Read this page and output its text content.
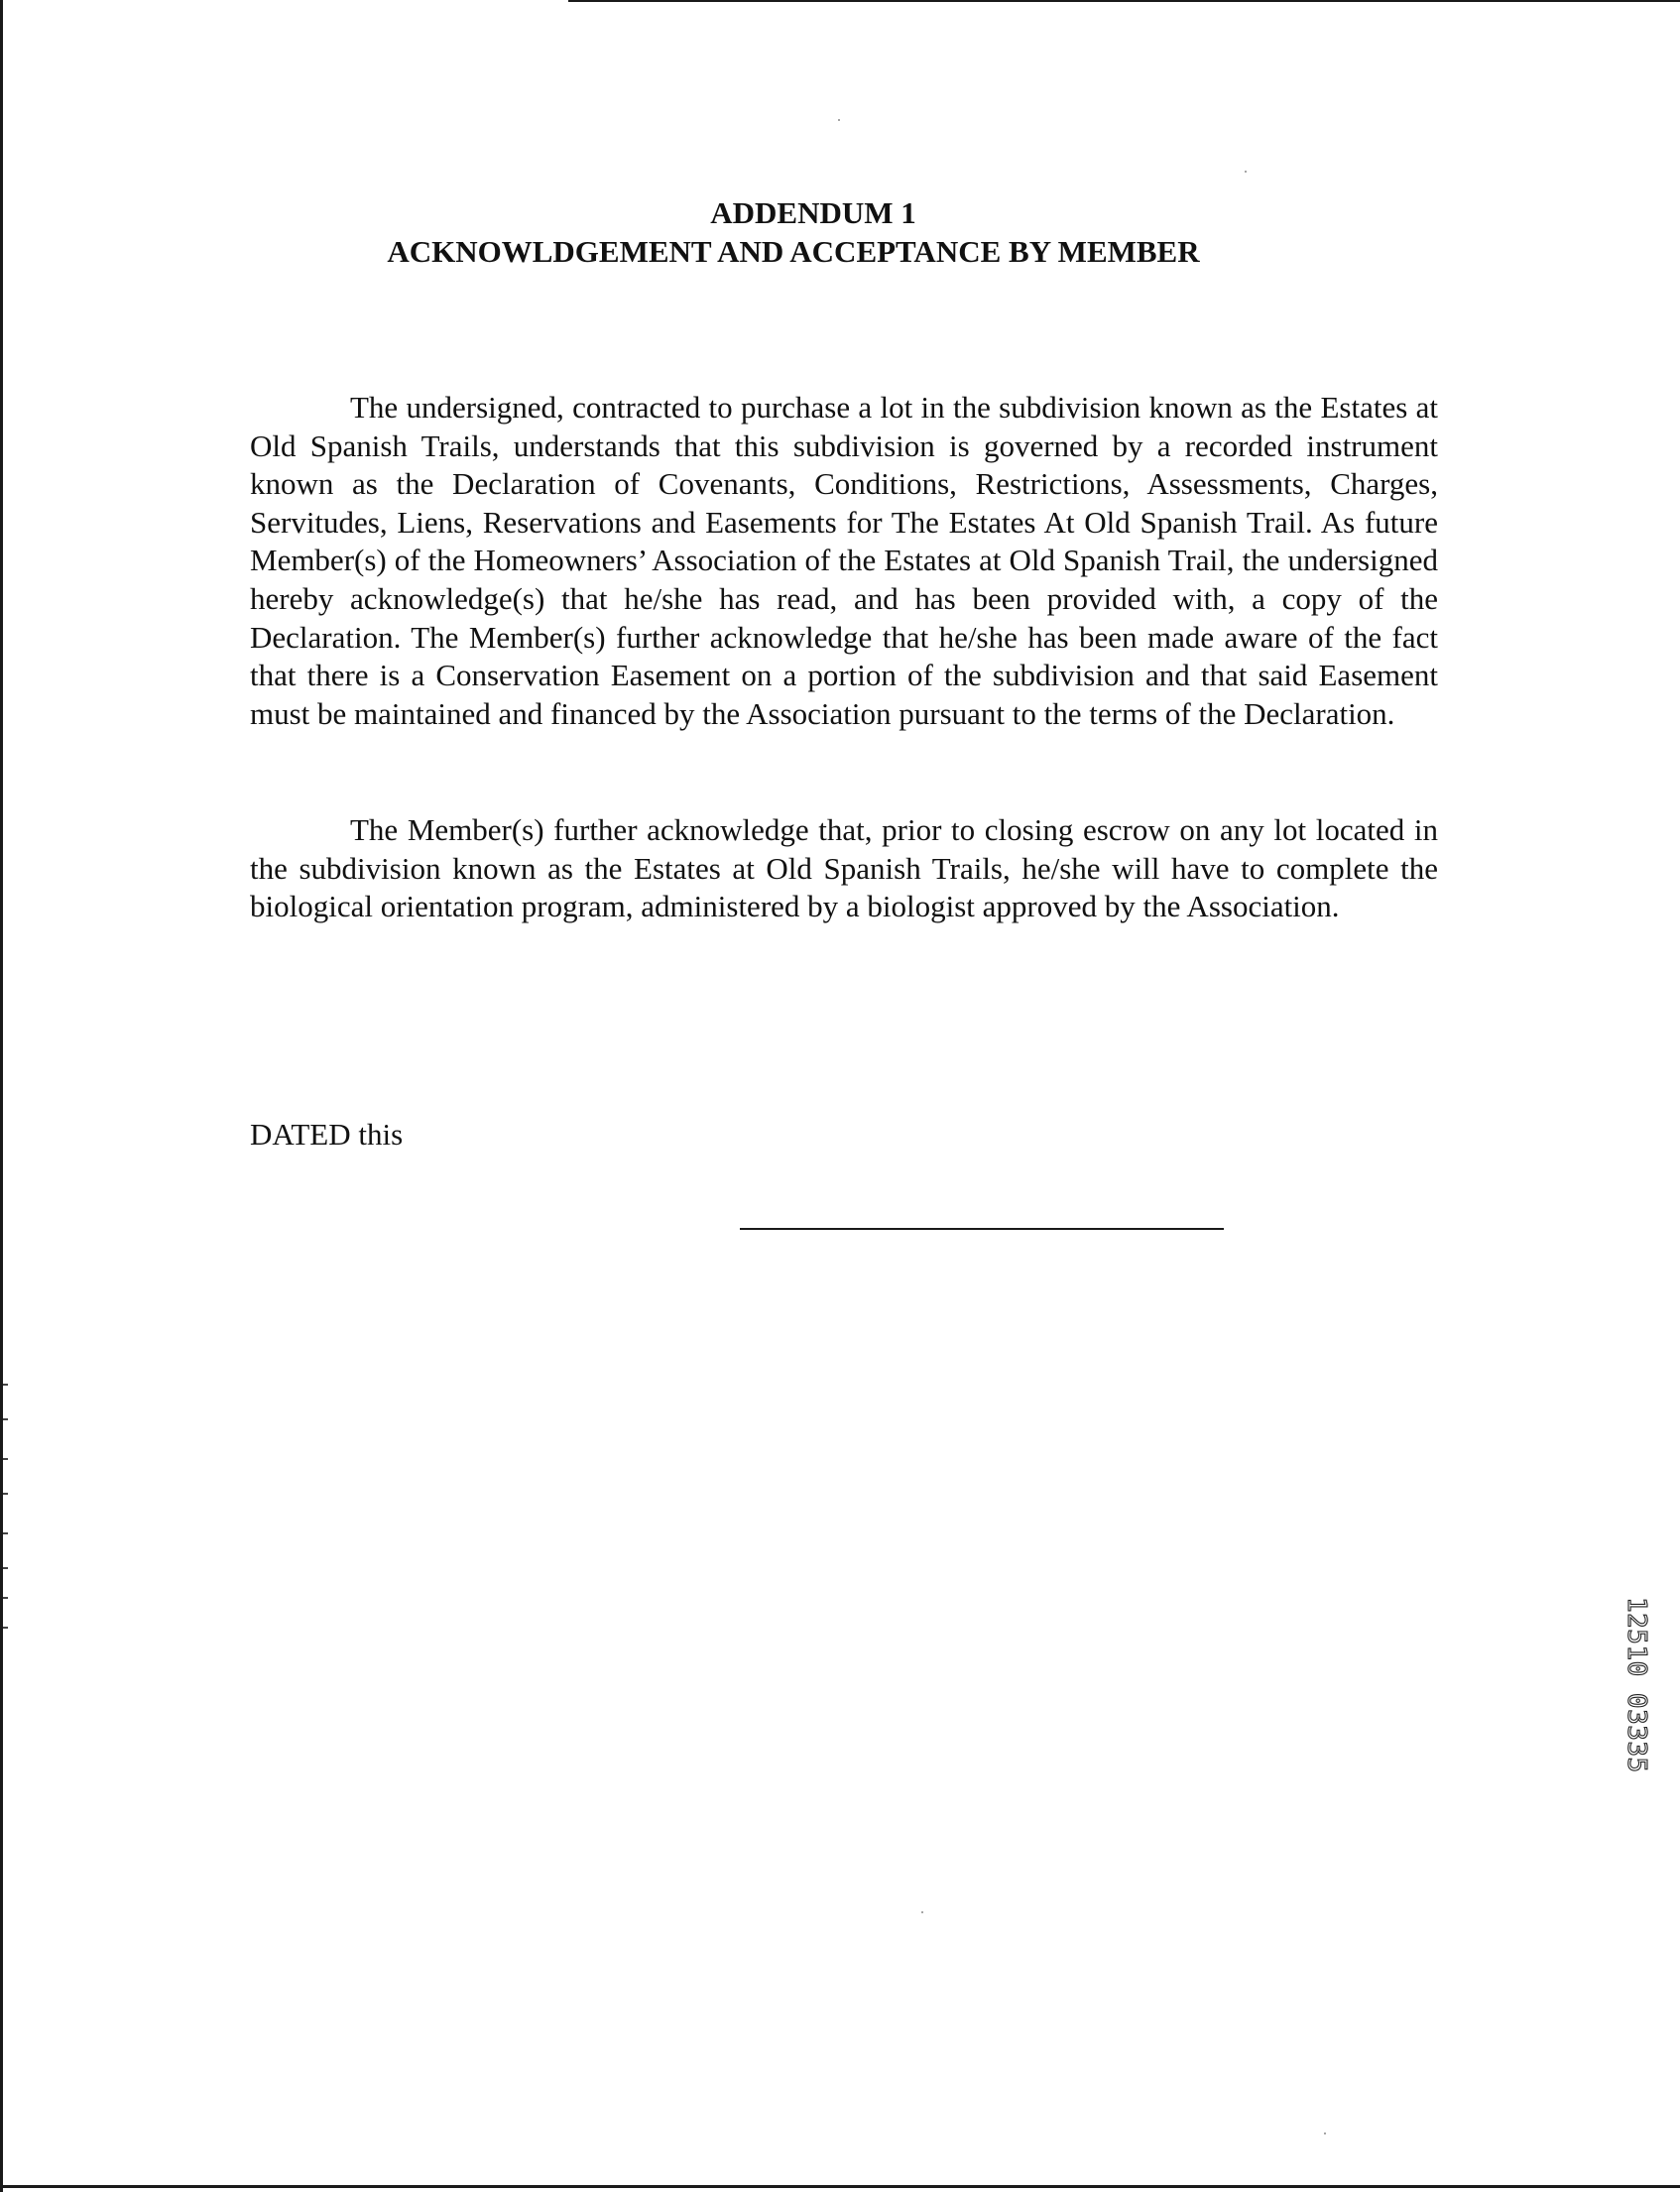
ADDENDUM 1
ACKNOWLDGEMENT AND ACCEPTANCE BY MEMBER

The undersigned, contracted to purchase a lot in the subdivision known as the Estates at Old Spanish Trails, understands that this subdivision is governed by a recorded instrument known as the Declaration of Covenants, Conditions, Restrictions, Assessments, Charges, Servitudes, Liens, Reservations and Easements for The Estates At Old Spanish Trail. As future Member(s) of the Homeowners’ Association of the Estates at Old Spanish Trail, the undersigned hereby acknowledge(s) that he/she has read, and has been provided with, a copy of the Declaration. The Member(s) further acknowledge that he/she has been made aware of the fact that there is a Conservation Easement on a portion of the subdivision and that said Easement must be maintained and financed by the Association pursuant to the terms of the Declaration.

The Member(s) further acknowledge that, prior to closing escrow on any lot located in the subdivision known as the Estates at Old Spanish Trails, he/she will have to complete the biological orientation program, administered by a biologist approved by the Association.

DATED this
12510 03335
